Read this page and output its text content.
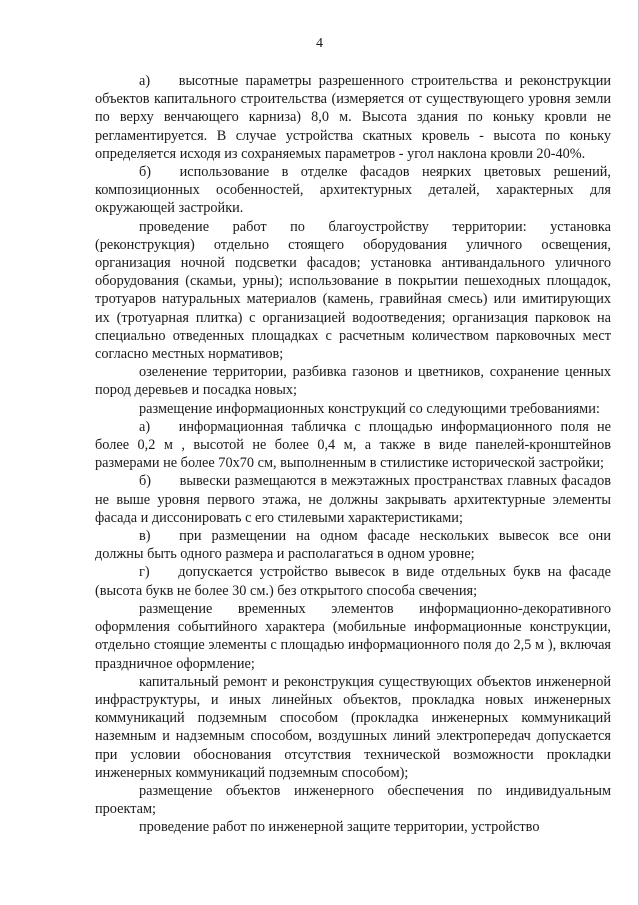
4

а)  высотные параметры разрешенного строительства и реконструкции объектов капитального строительства (измеряется от существующего уровня земли по верху венчающего карниза) 8,0 м. Высота здания по коньку кровли не регламентируется. В случае устройства скатных кровель - высота по коньку определяется исходя из сохраняемых параметров - угол наклона кровли 20-40%.

б)  использование в отделке фасадов неярких цветовых решений, композиционных особенностей, архитектурных деталей, характерных для окружающей застройки.

проведение работ по благоустройству территории: установка (реконструкция) отдельно стоящего оборудования уличного освещения, организация ночной подсветки фасадов; установка антивандального уличного оборудования (скамьи, урны); использование в покрытии пешеходных площадок, тротуаров натуральных материалов (камень, гравийная смесь) или имитирующих их (тротуарная плитка) с организацией водоотведения; организация парковок на специально отведенных площадках с расчетным количеством парковочных мест согласно местных нормативов;

озеленение территории, разбивка газонов и цветников, сохранение ценных пород деревьев и посадка новых;

размещение информационных конструкций со следующими требованиями:

а)  информационная табличка с площадью информационного поля не более 0,2 м , высотой не более 0,4 м, а также в виде панелей-кронштейнов размерами не более 70х70 см, выполненным в стилистике исторической застройки;

б)  вывески размещаются в межэтажных пространствах главных фасадов не выше уровня первого этажа, не должны закрывать архитектурные элементы фасада и диссонировать с его стилевыми характеристиками;

в)  при размещении на одном фасаде нескольких вывесок все они должны быть одного размера и располагаться в одном уровне;

г)  допускается устройство вывесок в виде отдельных букв на фасаде (высота букв не более 30 см.) без открытого способа свечения;

размещение временных элементов информационно-декоративного оформления событийного характера (мобильные информационные конструкции, отдельно стоящие элементы с площадью информационного поля до 2,5 м ), включая праздничное оформление;

капитальный ремонт и реконструкция существующих объектов инженерной инфраструктуры, и иных линейных объектов, прокладка новых инженерных коммуникаций подземным способом (прокладка инженерных коммуникаций наземным и надземным способом, воздушных линий электропередач допускается при условии обоснования отсутствия технической возможности прокладки инженерных коммуникаций подземным способом);

размещение объектов инженерного обеспечения по индивидуальным проектам;

проведение работ по инженерной защите территории, устройство
